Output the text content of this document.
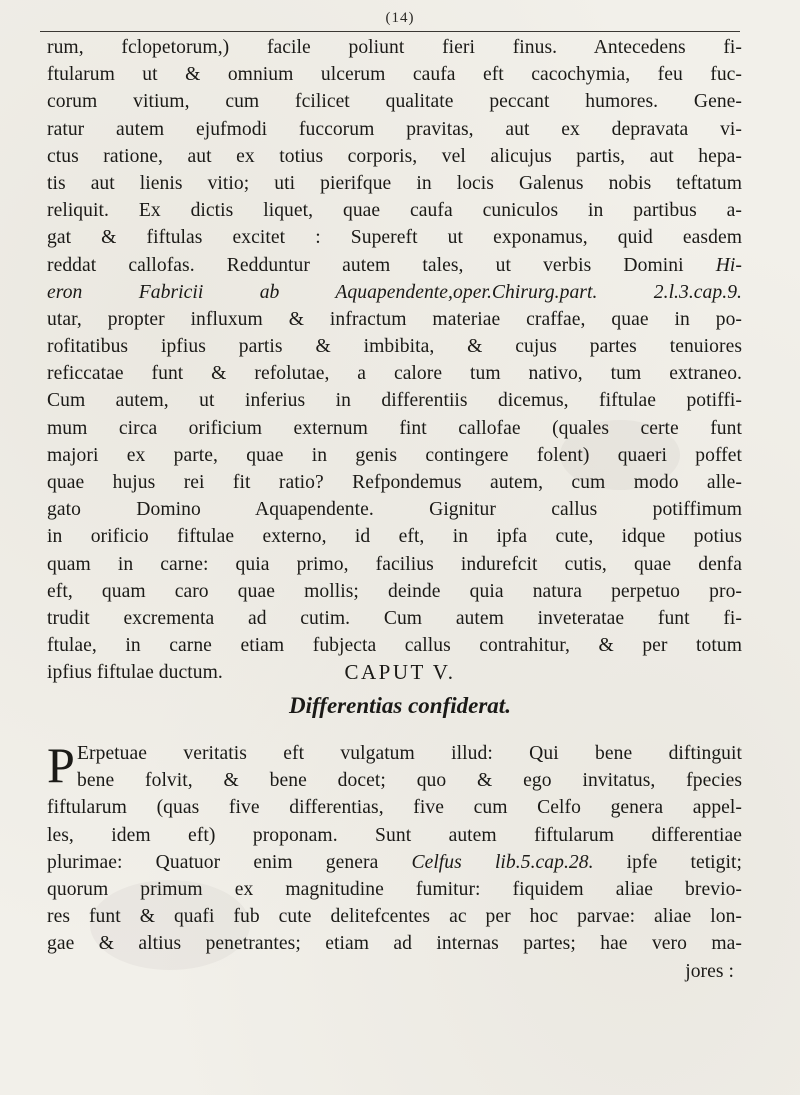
(14)
rum, fclopetorum,) facile poliunt fieri finus. Antecedens fi-
ftularum ut & omnium ulcerum caufa eft cacochymia, feu fuc-
corum vitium, cum fcilicet qualitate peccant humores. Gene-
ratur autem ejufmodi fuccorum pravitas, aut ex depravata vi-
ctus ratione, aut ex totius corporis, vel alicujus partis, aut hepa-
tis aut lienis vitio; uti pierifque in locis Galenus nobis teftatum
reliquit. Ex dictis liquet, quae caufa cuniculos in partibus a-
gat & fiftulas excitet : Supereft ut exponamus, quid easdem
reddat callofas. Redduntur autem tales, ut verbis Domini Hi-
eron Fabricii ab Aquapendente,oper.Chirurg.part. 2.l.3.cap.9.
utar, propter influxum & infractum materiae craffae, quae in po-
rofitatibus ipfius partis & imbibita, & cujus partes tenuiores
reficcatae funt & refolutae, a calore tum nativo, tum extraneo.
Cum autem, ut inferius in differentiis dicemus, fiftulae potiffi-
mum circa orificium externum fint callofae (quales certe funt
majori ex parte, quae in genis contingere folent) quaeri poffet
quae hujus rei fit ratio? Refpondemus autem, cum modo alle-
gato Domino Aquapendente. Gignitur callus potiffimum
in orificio fiftulae externo, id eft, in ipfa cute, idque potius
quam in carne: quia primo, facilius indurefcit cutis, quae denfa
eft, quam caro quae mollis; deinde quia natura perpetuo pro-
trudit excrementa ad cutim. Cum autem inveteratae funt fi-
ftulae, in carne etiam fubjecta callus contrahitur, & per totum
ipfius fiftulae ductum.	CAPUT V.
Differentias confiderat.
P Erpetuae veritatis eft vulgatum illud: Qui bene diftinguit
bene folvit, & bene docet; quo & ego invitatus, fpecies
fiftularum (quas five differentias, five cum Celfo genera appel-
les, idem eft) proponam. Sunt autem fiftularum differentiae
plurimae: Quatuor enim genera Celfus lib.5.cap.28. ipfe tetigit;
quorum primum ex magnitudine fumitur: fiquidem aliae brevio-
res funt & quafi fub cute delitefcentes ac per hoc parvae: aliae lon-
gae & altius penetrantes; etiam ad internas partes; hae vero ma-
jores :
